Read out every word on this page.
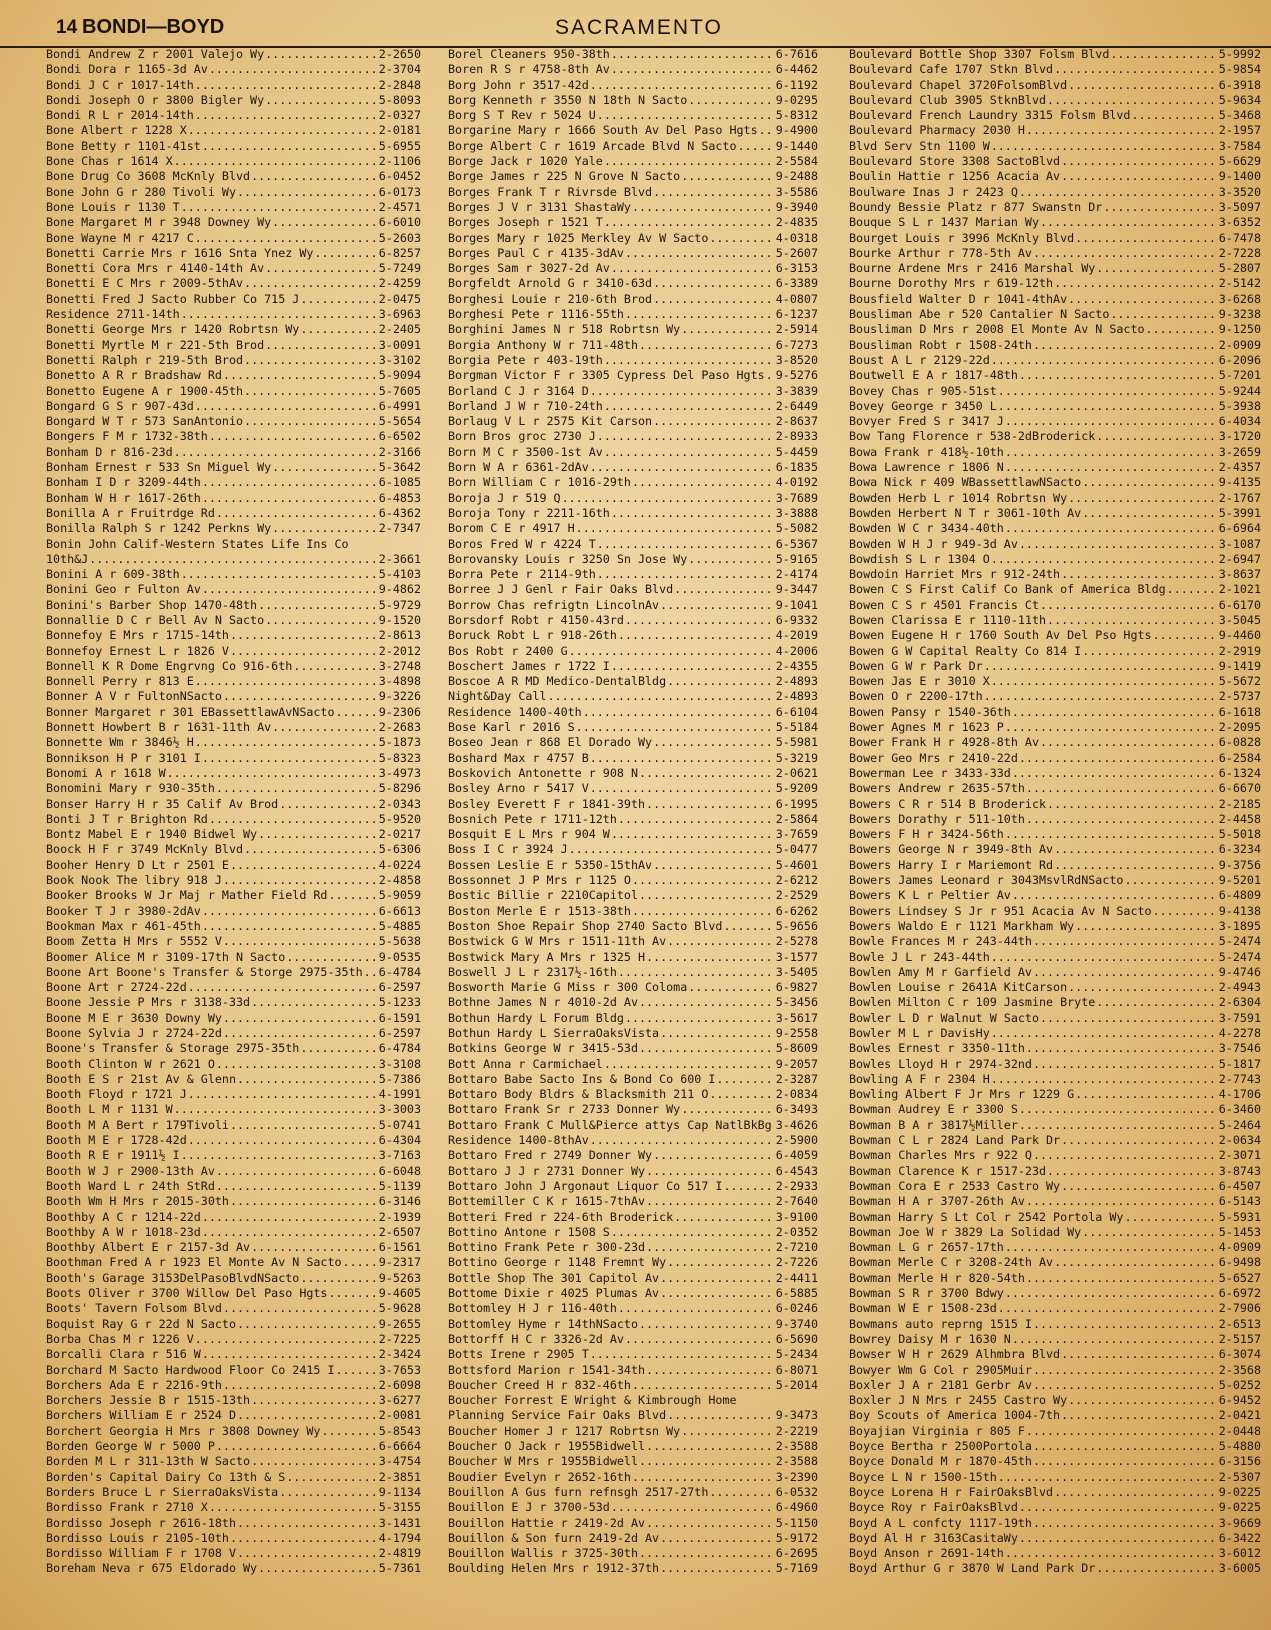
14 BONDI—BOYD	SACRAMENTO
Bondi Andrew Z r 2001 Valejo Wy .....	2-2650
Bondi Dora r 1165-3d Av .....	2-3704
Bondi J C r 1017-14th .....	2-2848
Bondi Joseph O r 3800 Bigler Wy .....	5-8093
Bondi R L r 2014-14th .....	2-0327
Bone Albert r 1228 X .....	2-0181
Bone Betty r 1101-41st .....	5-6955
Bone Chas r 1614 X .....	2-1106
Bone Drug Co 3608 McKnly Blvd .....	6-0452
Bone John G r 280 Tivoli Wy .....	6-0173
Bone Louis r 1130 T .....	2-4571
Bone Margaret M r 3948 Downey Wy .....	6-6010
Bone Wayne M r 4217 C .....	5-2603
Bonetti Carrie Mrs r 1616 Snta Ynez Wy .....	6-8257
Bonetti Cora Mrs r 4140-14th Av .....	5-7249
Bonetti E C Mrs r 2009-5thAv .....	2-4259
Bonetti Fred J Sacto Rubber Co 715 J .....	2-0475
Residence 2711-14th .....	3-6963
Bonetti George Mrs r 1420 Robrtsn Wy .....	2-2405
Bonetti Myrtle M r 221-5th Brod .....	3-0091
Bonetti Ralph r 219-5th Brod .....	3-3102
Bonetto A R r Bradshaw Rd .....	5-9094
Bonetto Eugene A r 1900-45th .....	5-7605
Bongard G S r 907-43d .....	6-4991
Bongard W T r 573 SanAntonio .....	5-5654
Bongers F M r 1732-38th .....	6-6502
Bonham D r 816-23d .....	2-3166
Bonham Ernest r 533 Sn Miguel Wy .....	5-3642
Bonham I D r 3209-44th .....	6-1085
Bonham W H r 1617-26th .....	6-4853
Bonilla A r Fruitrdge Rd .....	6-4362
Bonilla Ralph S r 1242 Perkns Wy .....	2-7347
Bonin John Calif-Western States Life Ins Co
10th&J .....	2-3661
Bonini A r 609-38th .....	5-4103
Bonini Geo r Fulton Av .....	9-4862
Bonini's Barber Shop 1470-48th .....	5-9729
Bonnallie D C r Bell Av N Sacto .....	9-1520
Bonnefoy E Mrs r 1715-14th .....	2-8613
Bonnefoy Ernest L r 1826 V .....	2-2012
Bonnell K R Dome Engrvng Co 916-6th .....	3-2748
Bonnell Perry r 813 E .....	3-4898
Bonner A V r FultonNSacto .....	9-3226
Bonner Margaret r 301 EBassettlawAvNSacto .....	9-2306
Bonnett Howbert B r 1631-11th Av .....	2-2683
Bonnette Wm r 3846½ H .....	5-1873
Bonnikson H P r 3101 I .....	5-8323
Bonomi A r 1618 W .....	3-4973
Bonomini Mary r 930-35th .....	5-8296
Bonser Harry H r 35 Calif Av Brod .....	2-0343
Bonti J T r Brighton Rd .....	5-9520
Bontz Mabel E r 1940 Bidwel Wy .....	2-0217
Boock H F r 3749 McKnly Blvd .....	5-6306
Booher Henry D Lt r 2501 E .....	4-0224
Book Nook The libry 918 J .....	2-4858
Booker Brooks W Jr Maj r Mather Field Rd .....	5-9059
Booker T J r 3980-2dAv .....	6-6613
Bookman Max r 461-45th .....	5-4885
Boom Zetta H Mrs r 5552 V .....	5-5638
Boomer Alice M r 3109-17th N Sacto .....	9-0535
Boone Art Boone's Transfer & Storge 2975-35th ..... 6-4784
Boone Art r 2724-22d .....	6-2597
Boone Jessie P Mrs r 3138-33d .....	5-1233
Boone M E r 3630 Downy Wy .....	6-1591
Boone Sylvia J r 2724-22d .....	6-2597
Boone's Transfer & Storage 2975-35th .....	6-4784
Booth Clinton W r 2621 O .....	3-3108
Booth E S r 21st Av & Glenn .....	5-7386
Booth Floyd r 1721 J .....	4-1991
Booth L M r 1131 W .....	3-3003
Booth M A Bert r 179Tivoli .....	5-0741
Booth M E r 1728-42d .....	6-4304
Booth R E r 1911½ I .....	3-7163
Booth W J r 2900-13th Av .....	6-6048
Booth Ward L r 24th StRd .....	5-1139
Booth Wm H Mrs r 2015-30th .....	6-3146
Boothby A C r 1214-22d .....	2-1939
Boothby A W r 1018-23d .....	2-6507
Boothby Albert E r 2157-3d Av .....	6-1561
Boothman Fred A r 1923 El Monte Av N Sacto .....	9-2317
Booth's Garage 3153DelPasoBlvdNSacto .....	9-5263
Boots Oliver r 3700 Willow Del Paso Hgts .....	9-4605
Boots' Tavern Folsom Blvd .....	5-9628
Boquist Ray G r 22d N Sacto .....	9-2655
Borba Chas M r 1226 V .....	2-7225
Borcalli Clara r 516 W .....	2-3424
Borchard M Sacto Hardwood Floor Co 2415 I .....	3-7653
Borchers Ada E r 2216-9th .....	2-6098
Borchers Jessie B r 1515-13th .....	3-6277
Borchers William E r 2524 D .....	2-0081
Borchert Georgia H Mrs r 3808 Downey Wy .....	5-8543
Borden George W r 5000 P .....	6-6664
Borden M L r 311-13th W Sacto .....	3-4754
Borden's Capital Dairy Co 13th & S .....	2-3851
Borders Bruce L r SierraOaksVista .....	9-1134
Bordisso Frank r 2710 X .....	5-3155
Bordisso Joseph r 2616-18th .....	3-1431
Bordisso Louis r 2105-10th .....	4-1794
Bordisso William F r 1708 V .....	2-4819
Boreham Neva r 675 Eldorado Wy .....	5-7361
Borel Cleaners 950-38th .....	6-7616
Boren R S r 4758-8th Av .....	6-4462
Borg John r 3517-42d .....	6-1192
Borg Kenneth r 3550 N 18th N Sacto .....	9-0295
Borg S T Rev r 5024 U .....	5-8312
Borgarine Mary r 1666 South Av Del Paso Hgts ..... 9-4900
Borge Albert C r 1619 Arcade Blvd N Sacto .....	9-1440
Borge Jack r 1020 Yale .....	2-5584
Borge James r 225 N Grove N Sacto .....	9-2488
Borges Frank T r Rivrsde Blvd .....	3-5586
Borges J V r 3131 ShastaWy .....	9-3940
Borges Joseph r 1521 T .....	2-4835
Borges Mary r 1025 Merkley Av W Sacto .....	4-0318
Borges Paul C r 4135-3dAv .....	5-2607
Borges Sam r 3027-2d Av .....	6-3153
Borgfeldt Arnold G r 3410-63d .....	6-3389
Borghesi Louie r 210-6th Brod .....	4-0807
Borghesi Pete r 1116-55th .....	6-1237
Borghini James N r 518 Robrtsn Wy .....	2-5914
Borgia Anthony W r 711-48th .....	6-7273
Borgia Pete r 403-19th .....	3-8520
Borgman Victor F r 3305 Cypress Del Paso Hgts ..... 9-5276
Borland C J r 3164 D .....	3-3839
Borland J W r 710-24th .....	2-6449
Borlaug V L r 2575 Kit Carson .....	2-8637
Born Bros groc 2730 J .....	2-8933
Born M C r 3500-1st Av .....	5-4459
Born W A r 6361-2dAv .....	6-1835
Born William C r 1016-29th .....	4-0192
Boroja J r 519 Q .....	3-7689
Boroja Tony r 2211-16th .....	3-3888
Borom C E r 4917 H .....	5-5082
Boros Fred W r 4224 T .....	6-5367
Borovansky Louis r 3250 Sn Jose Wy .....	5-9165
Borra Pete r 2114-9th .....	2-4174
Borree J J Genl r Fair Oaks Blvd .....	9-3447
Borrow Chas refrigtn LincolnAv .....	9-1041
Borsdorf Robt r 4150-43rd .....	6-9332
Boruck Robt L r 918-26th .....	4-2019
Bos Robt r 2400 G .....	4-2006
Boschert James r 1722 I .....	2-4355
Boscoe A R MD Medico-DentalBldg .....	2-4893
Night&Day Call .....	2-4893
Residence 1400-40th .....	6-6104
Bose Karl r 2016 S .....	5-5184
Boseo Jean r 868 El Dorado Wy .....	5-5981
Boshard Max r 4757 B .....	5-3219
Boskovich Antonette r 908 N .....	2-0621
Bosley Arno r 5417 V .....	5-9209
Bosley Everett F r 1841-39th .....	6-1995
Bosnich Pete r 1711-12th .....	2-5864
Bosquit E L Mrs r 904 W .....	3-7659
Boss I C r 3924 J .....	5-0477
Bossen Leslie E r 5350-15thAv .....	5-4601
Bossonnet J P Mrs r 1125 O .....	2-6212
Bostic Billie r 2210Capitol .....	2-2529
Boston Merle E r 1513-38th .....	6-6262
Boston Shoe Repair Shop 2740 Sacto Blvd .....	5-9656
Bostwick G W Mrs r 1511-11th Av .....	2-5278
Bostwick Mary A Mrs r 1325 H .....	3-1577
Boswell J L r 2317½-16th .....	3-5405
Bosworth Marie G Miss r 300 Coloma .....	6-9827
Bothne James N r 4010-2d Av .....	5-3456
Bothun Hardy L Forum Bldg .....	3-5617
Bothun Hardy L SierraOaksVista .....	9-2558
Botkins George W r 3415-53d .....	5-8609
Bott Anna r Carmichael .....	9-2057
Bottaro Babe Sacto Ins & Bond Co 600 I .....	2-3287
Bottaro Body Bldrs & Blacksmith 211 O .....	2-0834
Bottaro Frank Sr r 2733 Donner Wy .....	6-3493
Bottaro Frank C Mull&Pierce attys Cap NatlBkBg ..... 3-4626
Residence 1400-8thAv .....	2-5900
Bottaro Fred r 2749 Donner Wy .....	6-4059
Bottaro J J r 2731 Donner Wy .....	6-4543
Bottaro John J Argonaut Liquor Co 517 I .....	2-2933
Bottemiller C K r 1615-7thAv .....	2-7640
Botteri Fred r 224-6th Broderick .....	3-9100
Bottino Antone r 1508 S .....	2-0352
Bottino Frank Pete r 300-23d .....	2-7210
Bottino George r 1148 Fremnt Wy .....	2-7226
Bottle Shop The 301 Capitol Av .....	2-4411
Bottome Dixie r 4025 Plumas Av .....	6-5885
Bottomley H J r 116-40th .....	6-0246
Bottomley Hyme r 14thNSacto .....	9-3740
Bottorff H C r 3326-2d Av .....	6-5690
Botts Irene r 2905 T .....	5-2434
Bottsford Marion r 1541-34th .....	6-8071
Boucher Creed H r 832-46th .....	5-2014
Boucher Forrest E Wright & Kimbrough Home
Planning Service Fair Oaks Blvd .....	9-3473
Boucher Homer J r 1217 Robrtsn Wy .....	2-2219
Boucher O Jack r 1955Bidwell .....	2-3588
Boucher W Mrs r 1955Bidwell .....	2-3588
Boudier Evelyn r 2652-16th .....	3-2390
Bouillon A Gus furn refnsgh 2517-27th .....	6-0532
Bouillon E J r 3700-53d .....	6-4960
Bouillon Hattie r 2419-2d Av .....	5-1150
Bouillon & Son furn 2419-2d Av .....	5-9172
Bouillon Wallis r 3725-30th .....	6-2695
Boulding Helen Mrs r 1912-37th .....	5-7169
Boulevard Bottle Shop 3307 Folsm Blvd .....	5-9992
Boulevard Cafe 1707 Stkn Blvd .....	5-9854
Boulevard Chapel 3720FolsomBlvd .....	6-3918
Boulevard Club 3905 StknBlvd .....	5-9634
Boulevard French Laundry 3315 Folsm Blvd .....	5-3468
Boulevard Pharmacy 2030 H .....	2-1957
Blvd Serv Stn 1100 W .....	3-7584
Boulevard Store 3308 SactoBlvd .....	5-6629
Boulin Hattie r 1256 Acacia Av .....	9-1400
Boulware Inas J r 2423 Q .....	3-3520
Boundy Bessie Platz r 877 Swanstn Dr .....	3-5097
Bouque S L r 1437 Marian Wy .....	3-6352
Bourget Louis r 3996 McKnly Blvd .....	6-7478
Bourke Arthur r 778-5th Av .....	2-7228
Bourne Ardene Mrs r 2416 Marshal Wy .....	5-2807
Bourne Dorothy Mrs r 619-12th .....	2-5142
Bousfield Walter D r 1041-4thAv .....	3-6268
Bousliman Abe r 520 Cantalier N Sacto .....	9-3238
Bousliman D Mrs r 2008 El Monte Av N Sacto .....	9-1250
Bousliman Robt r 1508-24th .....	2-0909
Boust A L r 2129-22d .....	6-2096
Boutwell E A r 1817-48th .....	5-7201
Bovey Chas r 905-51st .....	5-9244
Bovey George r 3450 L .....	5-3938
Bovyer Fred S r 3417 J .....	6-4034
Bow Tang Florence r 538-2dBroderick .....	3-1720
Bowa Frank r 418½-10th .....	3-2659
Bowa Lawrence r 1806 N .....	2-4357
Bowa Nick r 409 WBassettlawNSacto .....	9-4135
Bowden Herb L r 1014 Robrtsn Wy .....	2-1767
Bowden Herbert N T r 3061-10th Av .....	5-3991
Bowden W C r 3434-40th .....	6-6964
Bowden W H J r 949-3d Av .....	3-1087
Bowdish S L r 1304 O .....	2-6947
Bowdoin Harriet Mrs r 912-24th .....	3-8637
Bowen C S First Calif Co Bank of America Bldg .....	2-1021
Bowen C S r 4501 Francis Ct .....	6-6170
Bowen Clarissa E r 1110-11th .....	3-5045
Bowen Eugene H r 1760 South Av Del Pso Hgts .....	9-4460
Bowen G W Capital Realty Co 814 I .....	2-2919
Bowen G W r Park Dr .....	9-1419
Bowen Jas E r 3010 X .....	5-5672
Bowen O r 2200-17th .....	2-5737
Bowen Pansy r 1540-36th .....	6-1618
Bower Agnes M r 1623 P .....	2-2095
Bower Frank H r 4928-8th Av .....	6-0828
Bower Geo Mrs r 2410-22d .....	6-2584
Bowerman Lee r 3433-33d .....	6-1324
Bowers Andrew r 2635-57th .....	6-6670
Bowers C R r 514 B Broderick .....	2-2185
Bowers Dorathy r 511-10th .....	2-4458
Bowers F H r 3424-56th .....	5-5018
Bowers George N r 3949-8th Av .....	6-3234
Bowers Harry I r Mariemont Rd .....	9-3756
Bowers James Leonard r 3043MsvlRdNSacto .....	9-5201
Bowers K L r Peltier Av .....	6-4809
Bowers Lindsey S Jr r 951 Acacia Av N Sacto .....	9-4138
Bowers Waldo E r 1121 Markham Wy .....	3-1895
Bowle Frances M r 243-44th .....	5-2474
Bowle J L r 243-44th .....	5-2474
Bowlen Amy M r Garfield Av .....	9-4746
Bowlen Louise r 2641A KitCarson .....	2-4943
Bowlen Milton C r 109 Jasmine Bryte .....	2-6304
Bowler L D r Walnut W Sacto .....	3-7591
Bowler M L r DavisHy .....	4-2278
Bowles Ernest r 3350-11th .....	3-7546
Bowles Lloyd H r 2974-32nd .....	5-1817
Bowling A F r 2304 H .....	2-7743
Bowling Albert F Jr Mrs r 1229 G .....	4-1706
Bowman Audrey E r 3300 S .....	6-3460
Bowman B A r 3817½Miller .....	5-2464
Bowman C L r 2824 Land Park Dr .....	2-0634
Bowman Charles Mrs r 922 Q .....	2-3071
Bowman Clarence K r 1517-23d .....	3-8743
Bowman Cora E r 2533 Castro Wy .....	6-4507
Bowman H A r 3707-26th Av .....	6-5143
Bowman Harry S Lt Col r 2542 Portola Wy .....	5-5931
Bowman Joe W r 3829 La Solidad Wy .....	5-1453
Bowman L G r 2657-17th .....	4-0909
Bowman Merle C r 3208-24th Av .....	6-9498
Bowman Merle H r 820-54th .....	5-6527
Bowman S R r 3700 Bdwy .....	6-6972
Bowman W E r 1508-23d .....	2-7906
Bowmans auto reprng 1515 I .....	2-6513
Bowrey Daisy M r 1630 N .....	2-5157
Bowser W H r 2629 Alhmbra Blvd .....	6-3074
Bowyer Wm G Col r 2905Muir .....	2-3568
Boxler J A r 2181 Gerbr Av .....	5-0252
Boxler J N Mrs r 2455 Castro Wy .....	6-9452
Boy Scouts of America 1004-7th .....	2-0421
Boyajian Virginia r 805 F .....	2-0448
Boyce Bertha r 2500Portola .....	5-4880
Boyce Donald M r 1870-45th .....	6-3156
Boyce L N r 1500-15th .....	2-5307
Boyce Lorena H r FairOaksBlvd .....	9-0225
Boyce Roy r FairOaksBlvd .....	9-0225
Boyd A L confcty 1117-19th .....	3-9669
Boyd Al H r 3163CasitaWy .....	6-3422
Boyd Anson r 2691-14th .....	3-6012
Boyd Arthur G r 3870 W Land Park Dr .....	3-6005
